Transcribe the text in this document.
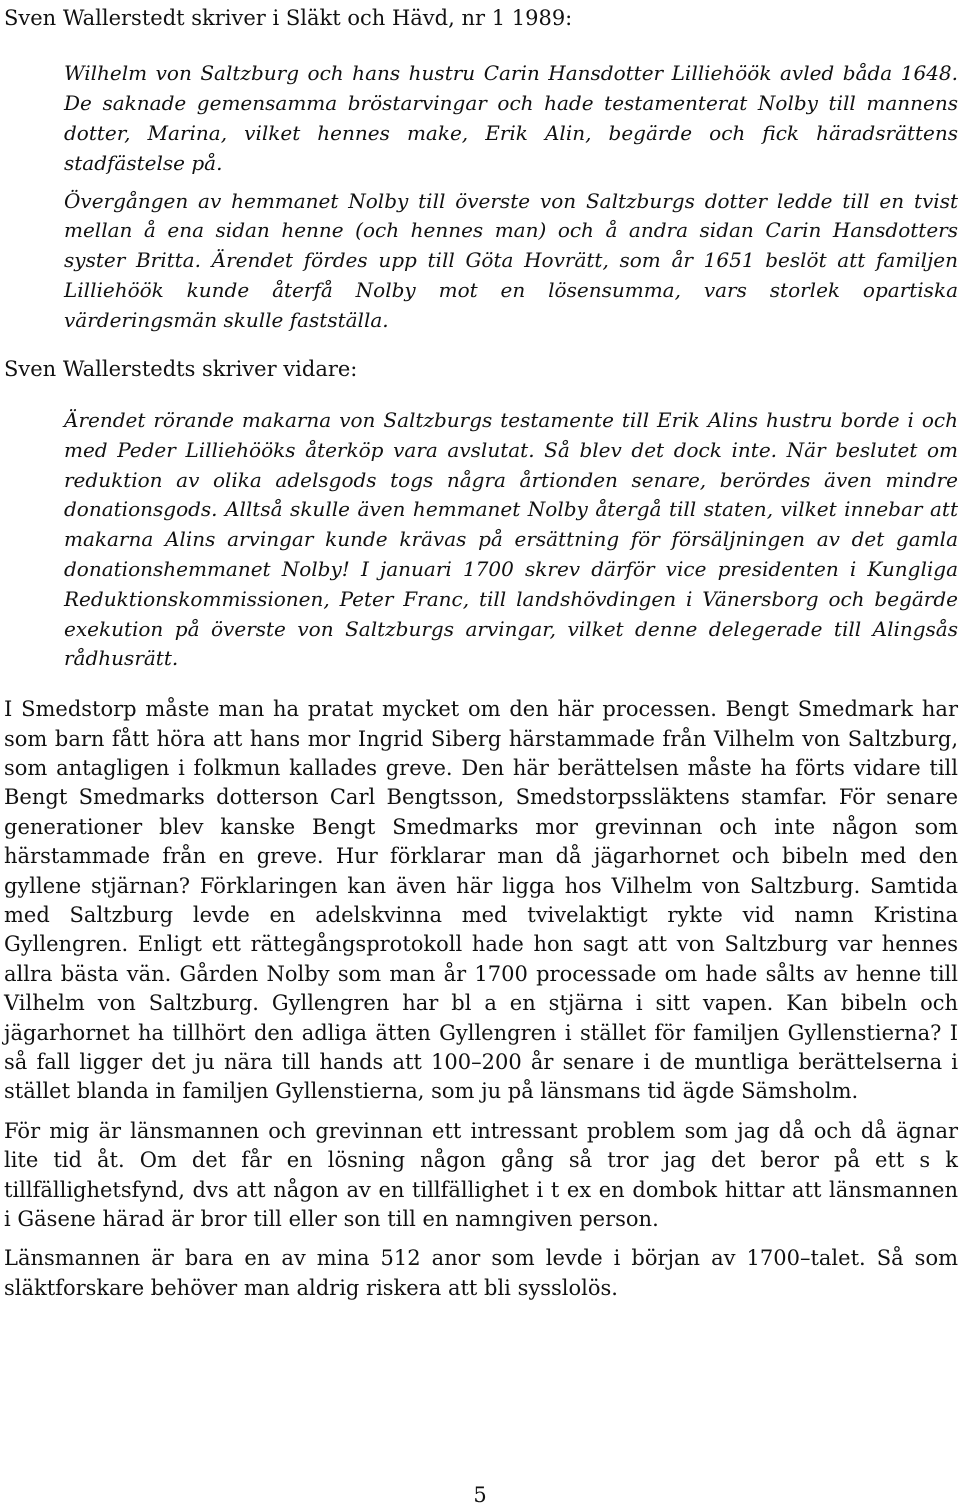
Sven Wallerstedt skriver i Släkt och Hävd, nr 1 1989:

Wilhelm von Saltzburg och hans hustru Carin Hansdotter Lilliehöök avled båda 1648. De saknade gemensamma bröstarvingar och hade testamenterat Nolby till mannens dotter, Marina, vilket hennes make, Erik Alin, begärde och fick häradsrättens stadfästelse på.

Övergången av hemmanet Nolby till överste von Saltzburgs dotter ledde till en tvist mellan å ena sidan henne (och hennes man) och å andra sidan Carin Hansdotters syster Britta. Ärendet fördes upp till Göta Hovrätt, som år 1651 beslöt att familjen Lilliehöök kunde återfå Nolby mot en lösensumma, vars storlek opartiska värderingsmän skulle fastställa.

Sven Wallerstedts skriver vidare:

Ärendet rörande makarna von Saltzburgs testamente till Erik Alins hustru borde i och med Peder Lilliehööks återköp vara avslutat. Så blev det dock inte. När beslutet om reduktion av olika adelsgods togs några årtionden senare, berördes även mindre donationsgods. Alltså skulle även hemmanet Nolby återgå till staten, vilket innebar att makarna Alins arvingar kunde krävas på ersättning för försäljningen av det gamla donationshemmanet Nolby! I januari 1700 skrev därför vice presidenten i Kungliga Reduktionskommissionen, Peter Franc, till landshövdingen i Vänersborg och begärde exekution på överste von Saltzburgs arvingar, vilket denne delegerade till Alingsås rådhusrätt.

I Smedstorp måste man ha pratat mycket om den här processen. Bengt Smedmark har som barn fått höra att hans mor Ingrid Siberg härstammade från Vilhelm von Saltzburg, som antagligen i folkmun kallades greve. Den här berättelsen måste ha förts vidare till Bengt Smedmarks dotterson Carl Bengtsson, Smedstorpssläktens stamfar. För senare generationer blev kanske Bengt Smedmarks mor grevinnan och inte någon som härstammade från en greve. Hur förklarar man då jägarhornet och bibeln med den gyllene stjärnan? Förklaringen kan även här ligga hos Vilhelm von Saltzburg. Samtida med Saltzburg levde en adelskvinna med tvivelaktigt rykte vid namn Kristina Gyllengren. Enligt ett rättegångsprotokoll hade hon sagt att von Saltzburg var hennes allra bästa vän. Gården Nolby som man år 1700 processade om hade sålts av henne till Vilhelm von Saltzburg. Gyllengren har bl a en stjärna i sitt vapen. Kan bibeln och jägarhornet ha tillhört den adliga ätten Gyllengren i stället för familjen Gyllenstierna? I så fall ligger det ju nära till hands att 100–200 år senare i de muntliga berättelserna i stället blanda in familjen Gyllenstierna, som ju på länsmans tid ägde Sämsholm.

För mig är länsmannen och grevinnan ett intressant problem som jag då och då ägnar lite tid åt. Om det får en lösning någon gång så tror jag det beror på ett s k tillfällighetsfynd, dvs att någon av en tillfällighet i t ex en dombok hittar att länsmannen i Gäsene härad är bror till eller son till en namngiven person.

Länsmannen är bara en av mina 512 anor som levde i början av 1700–talet. Så som släktforskare behöver man aldrig riskera att bli sysslolös.

5
